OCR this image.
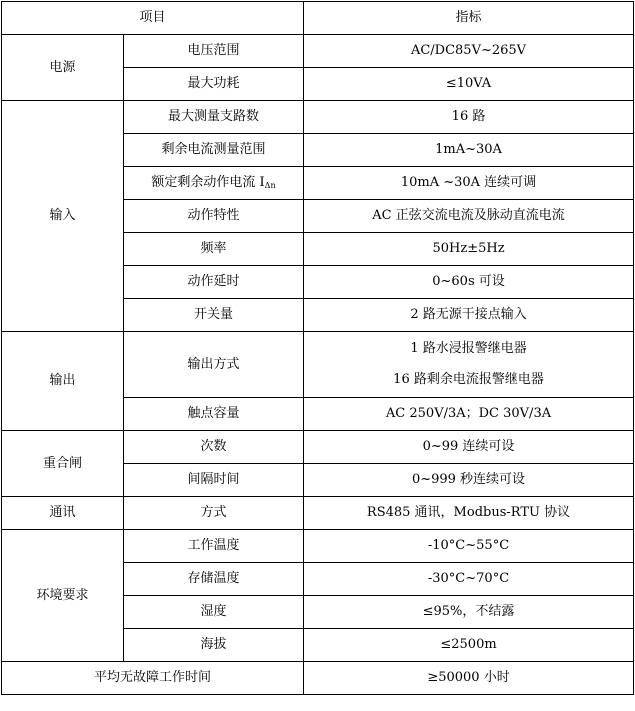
项目		指标
电源	电压范围	AC/DC85V~265V
	最大功耗	≤10VA
输入	最大测量支路数	16 路
	剩余电流测量范围	1mA~30A
	额定剩余动作电流 $I_{\Delta n}$	10mA ~30A 连续可调
	动作特性	AC 正弦交流电流及脉动直流电流
	频率	50Hz±5Hz
	动作延时	0~60s 可设
	开关量	2 路无源干接点输入
输出	输出方式	1 路水浸报警继电器
16 路剩余电流报警继电器

	触点容量	AC 250V/3A；DC 30V/3A
重合闸	次数	0~99 连续可设
	间隔时间	0~999 秒连续可设
通讯	方式	RS485 通讯，Modbus-RTU 协议
环境要求	工作温度	-10°C~55°C
	存储温度	-30°C~70°C
	湿度	≤95%，不结露
	海拔	≤2500m
平均无故障工作时间		≥50000 小时
